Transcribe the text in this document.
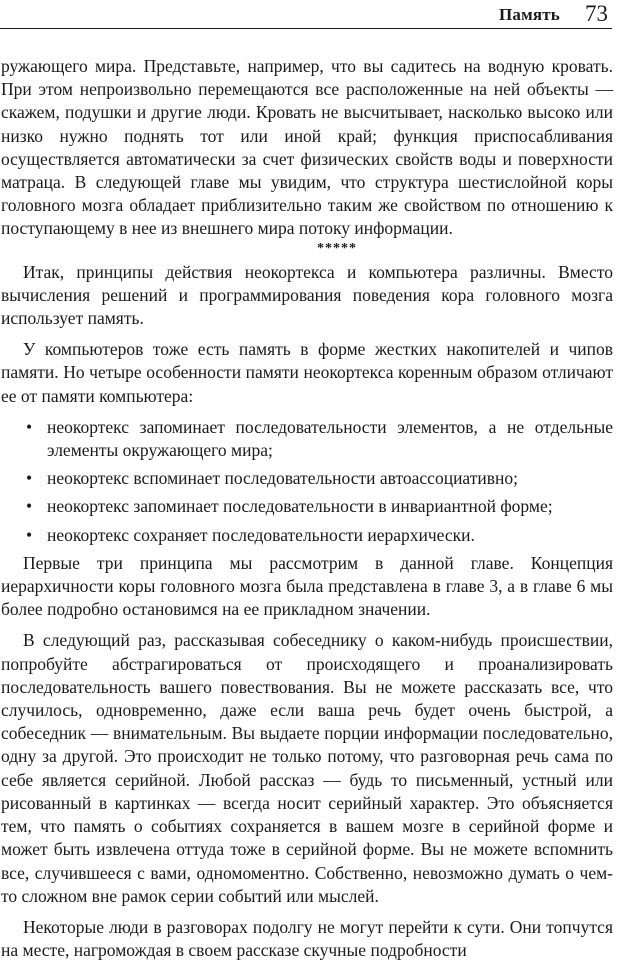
Память 73

ружающего мира. Представьте, например, что вы садитесь на водную кровать. При этом непроизвольно перемещаются все расположенные на ней объекты — скажем, подушки и другие люди. Кровать не высчитывает, насколько высоко или низко нужно поднять тот или иной край; функция приспосабливания осуществляется автоматически за счет физических свойств воды и поверхности матраца. В следующей главе мы увидим, что структура шестислойной коры головного мозга обладает приблизительно таким же свойством по отношению к поступающему в нее из внешнего мира потоку информации.

*****

Итак, принципы действия неокортекса и компьютера различны. Вместо вычисления решений и программирования поведения кора головного мозга использует память.

У компьютеров тоже есть память в форме жестких накопителей и чипов памяти. Но четыре особенности памяти неокортекса коренным образом отличают ее от памяти компьютера:

• неокортекс запоминает последовательности элементов, а не отдельные элементы окружающего мира;
• неокортекс вспоминает последовательности автоассоциативно;
• неокортекс запоминает последовательности в инвариантной форме;
• неокортекс сохраняет последовательности иерархически.

Первые три принципа мы рассмотрим в данной главе. Концепция иерархичности коры головного мозга была представлена в главе 3, а в главе 6 мы более подробно остановимся на ее прикладном значении.

В следующий раз, рассказывая собеседнику о каком-нибудь происшествии, попробуйте абстрагироваться от происходящего и проанализировать последовательность вашего повествования. Вы не можете рассказать все, что случилось, одновременно, даже если ваша речь будет очень быстрой, а собеседник — внимательным. Вы выдаете порции информации последовательно, одну за другой. Это происходит не только потому, что разговорная речь сама по себе является серийной. Любой рассказ — будь то письменный, устный или рисованный в картинках — всегда носит серийный характер. Это объясняется тем, что память о событиях сохраняется в вашем мозге в серийной форме и может быть извлечена оттуда тоже в серийной форме. Вы не можете вспомнить все, случившееся с вами, одномоментно. Собственно, невозможно думать о чем-то сложном вне рамок серии событий или мыслей.

Некоторые люди в разговорах подолгу не могут перейти к сути. Они топчутся на месте, нагромождая в своем рассказе скучные подробности
